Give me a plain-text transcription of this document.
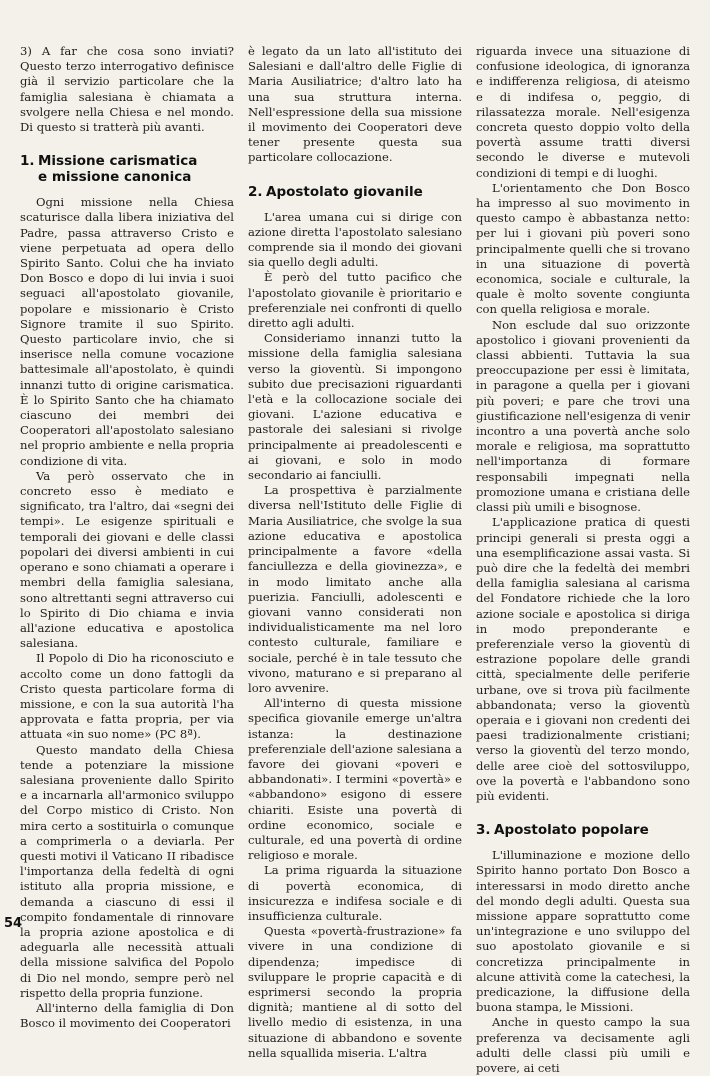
3) A far che cosa sono inviati? Questo terzo interrogativo definisce già il servizio particolare che la famiglia salesiana è chiamata a svolgere nella Chiesa e nel mondo. Di questo si tratterà più avanti.

1. Missione carismatica
e missione canonica

Ogni missione nella Chiesa scaturisce dalla libera iniziativa del Padre, passa attraverso Cristo e viene perpetuata ad opera dello Spirito Santo. Colui che ha inviato Don Bosco e dopo di lui invia i suoi seguaci all'apostolato giovanile, popolare e missionario è Cristo Signore tramite il suo Spirito. Questo particolare invio, che si inserisce nella comune vocazione battesimale all'apostolato, è quindi innanzi tutto di origine carismatica. È lo Spirito Santo che ha chiamato ciascuno dei membri dei Cooperatori all'apostolato salesiano nel proprio ambiente e nella propria condizione di vita.

Va però osservato che in concreto esso è mediato e significato, tra l'altro, dai «segni dei tempi». Le esigenze spirituali e temporali dei giovani e delle classi popolari dei diversi ambienti in cui operano e sono chiamati a operare i membri della famiglia salesiana, sono altrettanti segni attraverso cui lo Spirito di Dio chiama e invia all'azione educativa e apostolica salesiana.

Il Popolo di Dio ha riconosciuto e accolto come un dono fattogli da Cristo questa particolare forma di missione, e con la sua autorità l'ha approvata e fatta propria, per via attuata «in suo nome» (PC 8ª).

Questo mandato della Chiesa tende a potenziare la missione salesiana proveniente dallo Spirito e a incarnarla all'armonico sviluppo del Corpo mistico di Cristo. Non mira certo a sostituirla o comunque a comprimerla o a deviarla. Per questi motivi il Vaticano II ribadisce l'importanza della fedeltà di ogni istituto alla propria missione, e demanda a ciascuno di essi il compito fondamentale di rinnovare la propria azione apostolica e di adeguarla alle necessità attuali della missione salvifica del Popolo di Dio nel mondo, sempre però nel rispetto della propria funzione.

All'interno della famiglia di Don Bosco il movimento dei Cooperatori

è legato da un lato all'istituto dei Salesiani e dall'altro delle Figlie di Maria Ausiliatrice; d'altro lato ha una sua struttura interna. Nell'espressione della sua missione il movimento dei Cooperatori deve tener presente questa sua particolare collocazione.

2. Apostolato giovanile

L'area umana cui si dirige con azione diretta l'apostolato salesiano comprende sia il mondo dei giovani sia quello degli adulti.

È però del tutto pacifico che l'apostolato giovanile è prioritario e preferenziale nei confronti di quello diretto agli adulti.

Consideriamo innanzi tutto la missione della famiglia salesiana verso la gioventù. Si impongono subito due precisazioni riguardanti l'età e la collocazione sociale dei giovani. L'azione educativa e pastorale dei salesiani si rivolge principalmente ai preadolescenti e ai giovani, e solo in modo secondario ai fanciulli.

La prospettiva è parzialmente diversa nell'Istituto delle Figlie di Maria Ausiliatrice, che svolge la sua azione educativa e apostolica principalmente a favore «della fanciullezza e della giovinezza», e in modo limitato anche alla puerizia. Fanciulli, adolescenti e giovani vanno considerati non individualisticamente ma nel loro contesto culturale, familiare e sociale, perché è in tale tessuto che vivono, maturano e si preparano al loro avvenire.

All'interno di questa missione specifica giovanile emerge un'altra istanza: la destinazione preferenziale dell'azione salesiana a favore dei giovani «poveri e abbandonati». I termini «povertà» e «abbandono» esigono di essere chiariti. Esiste una povertà di ordine economico, sociale e culturale, ed una povertà di ordine religioso e morale.

La prima riguarda la situazione di povertà economica, di insicurezza e indifesa sociale e di insufficienza culturale.

Questa «povertà-frustrazione» fa vivere in una condizione di dipendenza; impedisce di sviluppare le proprie capacità e di esprimersi secondo la propria dignità; mantiene al di sotto del livello medio di esistenza, in una situazione di abbandono e sovente nella squallida miseria. L'altra

riguarda invece una situazione di confusione ideologica, di ignoranza e indifferenza religiosa, di ateismo e di indifesa o, peggio, di rilassatezza morale. Nell'esigenza concreta questo doppio volto della povertà assume tratti diversi secondo le diverse e mutevoli condizioni di tempi e di luoghi.

L'orientamento che Don Bosco ha impresso al suo movimento in questo campo è abbastanza netto: per lui i giovani più poveri sono principalmente quelli che si trovano in una situazione di povertà economica, sociale e culturale, la quale è molto sovente congiunta con quella religiosa e morale.

Non esclude dal suo orizzonte apostolico i giovani provenienti da classi abbienti. Tuttavia la sua preoccupazione per essi è limitata, in paragone a quella per i giovani più poveri; e pare che trovi una giustificazione nell'esigenza di venir incontro a una povertà anche solo morale e religiosa, ma soprattutto nell'importanza di formare responsabili impegnati nella promozione umana e cristiana delle classi più umili e bisognose.

L'applicazione pratica di questi principi generali si presta oggi a una esemplificazione assai vasta. Si può dire che la fedeltà dei membri della famiglia salesiana al carisma del Fondatore richiede che la loro azione sociale e apostolica si diriga in modo preponderante e preferenziale verso la gioventù di estrazione popolare delle grandi città, specialmente delle periferie urbane, ove si trova più facilmente abbandonata; verso la gioventù operaia e i giovani non credenti dei paesi tradizionalmente cristiani; verso la gioventù del terzo mondo, delle aree cioè del sottosviluppo, ove la povertà e l'abbandono sono più evidenti.

3. Apostolato popolare

L'illuminazione e mozione dello Spirito hanno portato Don Bosco a interessarsi in modo diretto anche del mondo degli adulti. Questa sua missione appare soprattutto come un'integrazione e uno sviluppo del suo apostolato giovanile e si concretizza principalmente in alcune attività come la catechesi, la predicazione, la diffusione della buona stampa, le Missioni.

Anche in questo campo la sua preferenza va decisamente agli adulti delle classi più umili e povere, ai ceti

54
